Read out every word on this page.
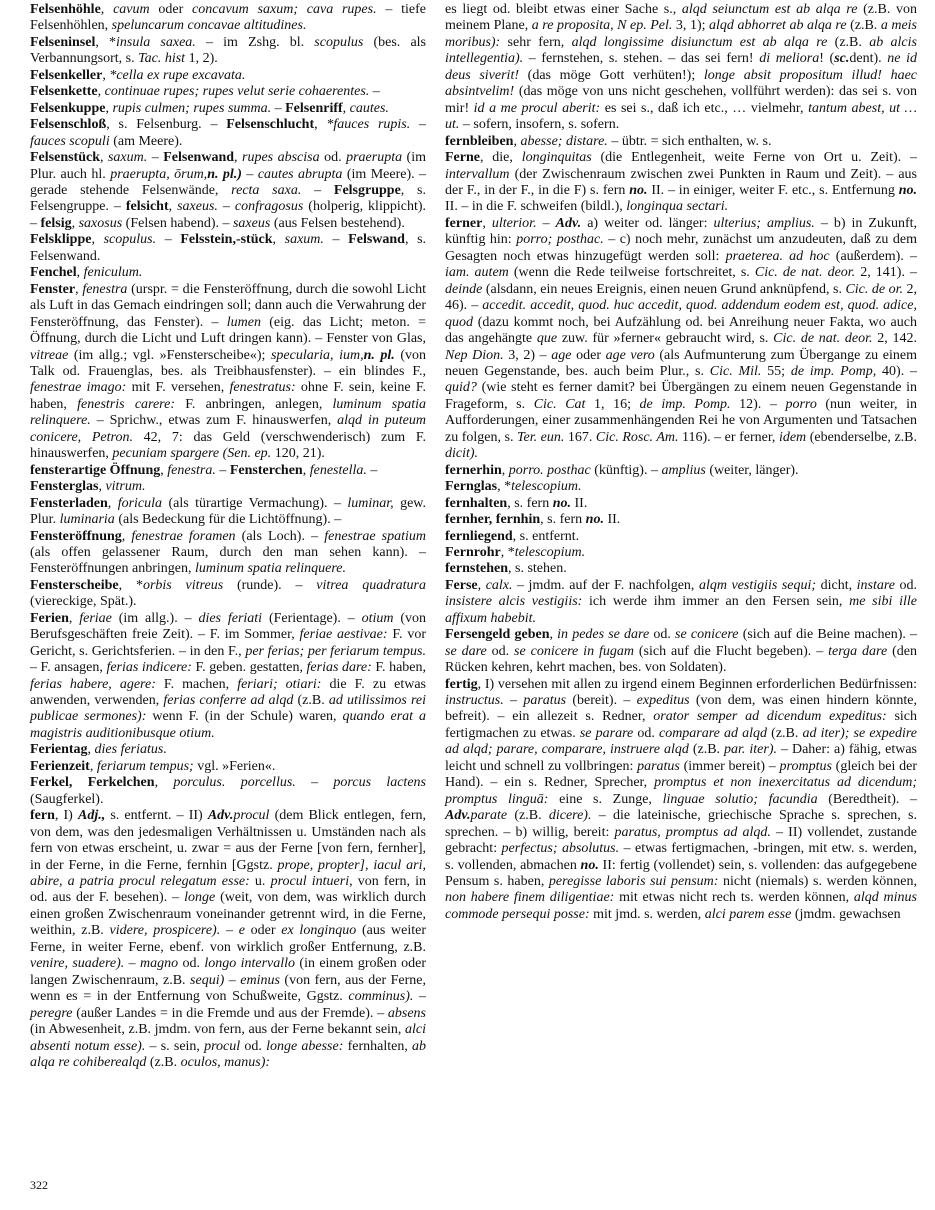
Felsenhöhle, cavum oder concavum saxum; cava rupes. – tiefe Felsenhöhlen, speluncarum concavae altitudines.

Felseninsel, *insula saxea. – im Zshg. bl. scopulus (bes. als Verbannungsort, s. Tac. hist 1, 2).

Felsenkeller, *cella ex rupe excavata.

Felsenkette, continuae rupes; rupes velut serie cohaerentes. –

Felsenkuppe, rupis culmen; rupes summa. – Felsenriff, cautes.

Felsenschloß, s. Felsenburg. – Felsenschlucht, *fauces rupis. – fauces scopuli (am Meere).

Felsenstück, saxum. – Felsenwand, rupes abscisa od. praerupta (im Plur. auch hl. praerupta, ōrum,n. pl.) – cautes abrupta (im Meere). – gerade stehende Felsenwände, recta saxa. – Felsgruppe, s. Felsengruppe. – felsicht, saxeus. – confragosus (holperig, klippicht). – felsig, saxosus (Felsen habend). – saxeus (aus Felsen bestehend).

Felsklippe, scopulus. – Felsstein,-stück, saxum. – Felswand, s. Felsenwand.

Fenchel, feniculum.

Fenster, fenestra (urspr. = die Fensteröffnung, durch die sowohl Licht als Luft in das Gemach eindringen soll; dann auch die Verwahrung der Fensteröffnung, das Fenster). – lumen (eig. das Licht; meton. = Öffnung, durch die Licht und Luft dringen kann). – Fenster von Glas, vitreae (im allg.; vgl. »Fensterscheibe«); specularia, ium,n. pl. (von Talk od. Frauenglas, bes. als Treibhausfenster). – ein blindes F., fenestrae imago: mit F. versehen, fenestratus: ohne F. sein, keine F. haben, fenestris carere: F. anbringen, anlegen, luminum spatia relinquere. – Sprichw., etwas zum F. hinauswerfen, alqd in puteum conicere, Petron. 42, 7: das Geld (verschwenderisch) zum F. hinauswerfen, pecuniam spargere (Sen. ep. 120, 21).

fensterartige Öffnung, fenestra. – Fensterchen, fenestella. –

Fensterglas, vitrum.

Fensterladen, foricula (als türartige Vermachung). – luminar, gew. Plur. luminaria (als Bedeckung für die Lichtöffnung). –

Fensteröffnung, fenestrae foramen (als Loch). – fenestrae spatium (als offen gelassener Raum, durch den man sehen kann). – Fensteröffnungen anbringen, luminum spatia relinquere.

Fensterscheibe, *orbis vitreus (runde). – vitrea quadratura (viereckige, Spät.).

Ferien, feriae (im allg.). – dies feriati (Ferientage). – otium (von Berufsgeschäften freie Zeit). – F. im Sommer, feriae aestivae: F. vor Gericht, s. Gerichtsferien. – in den F., per ferias; per feriarum tempus. – F. ansagen, ferias indicere: F. geben. gestatten, ferias dare: F. haben, ferias habere, agere: F. machen, feriari; otiari: die F. zu etwas anwenden, verwenden, ferias conferre ad alqd (z.B. ad utilissimos rei publicae sermones): wenn F. (in der Schule) waren, quando erat a magistris auditionibusque otium.

Ferientag, dies feriatus.

Ferienzeit, feriarum tempus; vgl. »Ferien«.

Ferkel, Ferkelchen, porculus. porcellus. – porcus lactens (Saugferkel).

fern, I) Adj., s. entfernt. – II) Adv.procul (dem Blick entlegen, fern, von dem, was den jedesmaligen Verhältnissen u. Umständen nach als fern von etwas erscheint, u. zwar = aus der Ferne [von fern, fernher], in der Ferne, in die Ferne, fernhin [Ggstz. prope, propter], iacul ari, abire, a patria procul relegatum esse: u. procul intueri, von fern, in od. aus der F. besehen). – longe (weit, von dem, was wirklich durch einen großen Zwischenraum voneinander getrennt wird, in die Ferne, weithin, z.B. videre, prospicere). – e oder ex longinquo (aus weiter Ferne, in weiter Ferne, ebenf. von wirklich großer Entfernung, z.B. venire, suadere). – magno od. longo intervallo (in einem großen oder langen Zwischenraum, z.B. sequi) – eminus (von fern, aus der Ferne, wenn es = in der Entfernung von Schußweite, Ggstz. comminus). – peregre (außer Landes = in die Fremde und aus der Fremde). – absens (in Abwesenheit, z.B. jmdm. von fern, aus der Ferne bekannt sein, alci absenti notum esse). – s. sein, procul od. longe abesse: fernhalten, ab alqa re cohiberealqd (z.B. oculos, manus):

es liegt od. bleibt etwas einer Sache s., alqd seiunctum est ab alqa re (z.B. von meinem Plane, a re proposita, N ep. Pel. 3, 1); alqd abhorret ab alqa re (z.B. a meis moribus): sehr fern, alqd longissime disiunctum est ab alqa re (z.B. ab alcis intellegentia). – fernstehen, s. stehen. – das sei fern! di meliora! (sc.dent). ne id deus siverit! (das möge Gott verhüten!); longe absit propositum illud! haec absintvelim! (das möge von uns nicht geschehen, vollführt werden): das sei s. von mir! id a me procul aberit: es sei s., daß ich etc., … vielmehr, tantum abest, ut … ut. – sofern, insofern, s. sofern.

fernbleiben, abesse; distare. – übtr. = sich enthalten, w. s.

Ferne, die, longinquitas (die Entlegenheit, weite Ferne von Ort u. Zeit). – intervallum (der Zwischenraum zwischen zwei Punkten in Raum und Zeit). – aus der F., in der F., in die F) s. fern no. II. – in einiger, weiter F. etc., s. Entfernung no. II. – in die F. schweifen (bildl.), longinqua sectari.

ferner, ulterior. – Adv. a) weiter od. länger: ulterius; amplius. – b) in Zukunft, künftig hin: porro; posthac. – c) noch mehr, zunächst um anzudeuten, daß zu dem Gesagten noch etwas hinzugefügt werden soll: praeterea. ad hoc (außerdem). – iam. autem (wenn die Rede teilweise fortschreitet, s. Cic. de nat. deor. 2, 141). – deinde (alsdann, ein neues Ereignis, einen neuen Grund anknüpfend, s. Cic. de or. 2, 46). – accedit. accedit, quod. huc accedit, quod. addendum eodem est, quod. adice, quod (dazu kommt noch, bei Aufzählung od. bei Anreihung neuer Fakta, wo auch das angehängte que zuw. für »ferner« gebraucht wird, s. Cic. de nat. deor. 2, 142. Nep Dion. 3, 2) – age oder age vero (als Aufmunterung zum Übergange zu einem neuen Gegenstande, bes. auch beim Plur., s. Cic. Mil. 55; de imp. Pomp, 40). – quid? (wie steht es ferner damit? bei Übergängen zu einem neuen Gegenstande in Frageform, s. Cic. Cat 1, 16; de imp. Pomp. 12). – porro (nun weiter, in Aufforderungen, einer zusammenhängenden Rei he von Argumenten und Tatsachen zu folgen, s. Ter. eun. 167. Cic. Rosc. Am. 116). – er ferner, idem (ebenderselbe, z.B. dicit).

fernerhin, porro. posthac (künftig). – amplius (weiter, länger).

Fernglas, *telescopium.

fernhalten, s. fern no. II.

fernher, fernhin, s. fern no. II.

fernliegend, s. entfernt.

Fernrohr, *telescopium.

fernstehen, s. stehen.

Ferse, calx. – jmdm. auf der F. nachfolgen, alqm vestigiis sequi; dicht, instare od. insistere alcis vestigiis: ich werde ihm immer an den Fersen sein, me sibi ille affixum habebit.

Fersengeld geben, in pedes se dare od. se conicere (sich auf die Beine machen). – se dare od. se conicere in fugam (sich auf die Flucht begeben). – terga dare (den Rücken kehren, kehrt machen, bes. von Soldaten).

fertig, I) versehen mit allen zu irgend einem Beginnen erforderlichen Bedürfnissen: instructus. – paratus (bereit). – expeditus (von dem, was einen hindern könnte, befreit). – ein allezeit s. Redner, orator semper ad dicendum expeditus: sich fertigmachen zu etwas. se parare od. comparare ad alqd (z.B. ad iter); se expedire ad alqd; parare, comparare, instruere alqd (z.B. par. iter). – Daher: a) fähig, etwas leicht und schnell zu vollbringen: paratus (immer bereit) – promptus (gleich bei der Hand). – ein s. Redner, Sprecher, promptus et non inexercitatus ad dicendum; promptus linguā: eine s. Zunge, linguae solutio; facundia (Beredtheit). – Adv.parate (z.B. dicere). – die lateinische, griechische Sprache s. sprechen, s. sprechen. – b) willig, bereit: paratus, promptus ad alqd. – II) vollendet, zustande gebracht: perfectus; absolutus. – etwas fertigmachen, -bringen, mit etw. s. werden, s. vollenden, abmachen no. II: fertig (vollendet) sein, s. vollenden: das aufgegebene Pensum s. haben, peregisse laboris sui pensum: nicht (niemals) s. werden können, non habere finem diligentiae: mit etwas nicht rech ts. werden können, alqd minus commode persequi posse: mit jmd. s. werden, alci parem esse (jmdm. gewachsen

322
